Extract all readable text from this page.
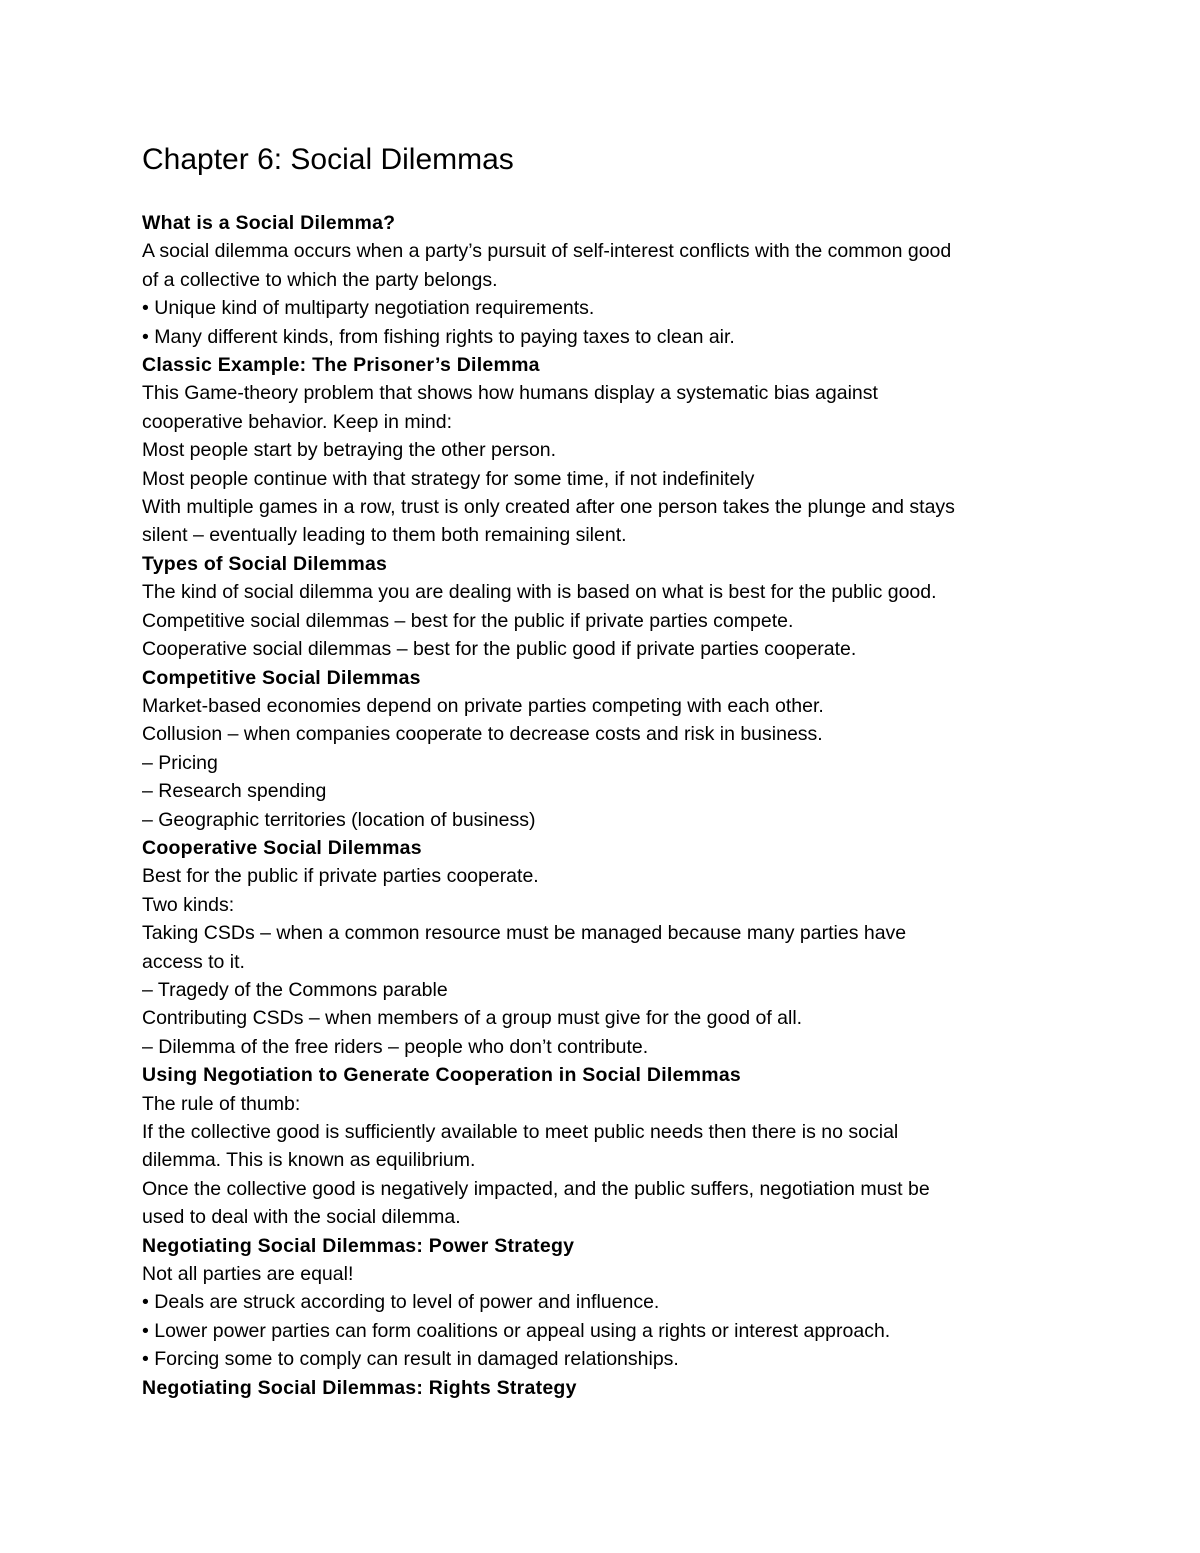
Chapter 6: Social Dilemmas
What is a Social Dilemma?
A social dilemma occurs when a party’s pursuit of self-interest conflicts with the common good
of a collective to which the party belongs.
• Unique kind of multiparty negotiation requirements.
• Many different kinds, from fishing rights to paying taxes to clean air.
Classic Example: The Prisoner’s Dilemma
This Game-theory problem that shows how humans display a systematic bias against
cooperative behavior. Keep in mind:
Most people start by betraying the other person.
Most people continue with that strategy for some time, if not indefinitely
With multiple games in a row, trust is only created after one person takes the plunge and stays
silent – eventually leading to them both remaining silent.
Types of Social Dilemmas
The kind of social dilemma you are dealing with is based on what is best for the public good.
Competitive social dilemmas – best for the public if private parties compete.
Cooperative social dilemmas – best for the public good if private parties cooperate.
Competitive Social Dilemmas
Market-based economies depend on private parties competing with each other.
Collusion – when companies cooperate to decrease costs and risk in business.
– Pricing
– Research spending
– Geographic territories (location of business)
Cooperative Social Dilemmas
Best for the public if private parties cooperate.
Two kinds:
Taking CSDs – when a common resource must be managed because many parties have
access to it.
– Tragedy of the Commons parable
Contributing CSDs – when members of a group must give for the good of all.
– Dilemma of the free riders – people who don’t contribute.
Using Negotiation to Generate Cooperation in Social Dilemmas
The rule of thumb:
If the collective good is sufficiently available to meet public needs then there is no social
dilemma. This is known as equilibrium.
Once the collective good is negatively impacted, and the public suffers, negotiation must be
used to deal with the social dilemma.
Negotiating Social Dilemmas: Power Strategy
Not all parties are equal!
• Deals are struck according to level of power and influence.
• Lower power parties can form coalitions or appeal using a rights or interest approach.
• Forcing some to comply can result in damaged relationships.
Negotiating Social Dilemmas: Rights Strategy
